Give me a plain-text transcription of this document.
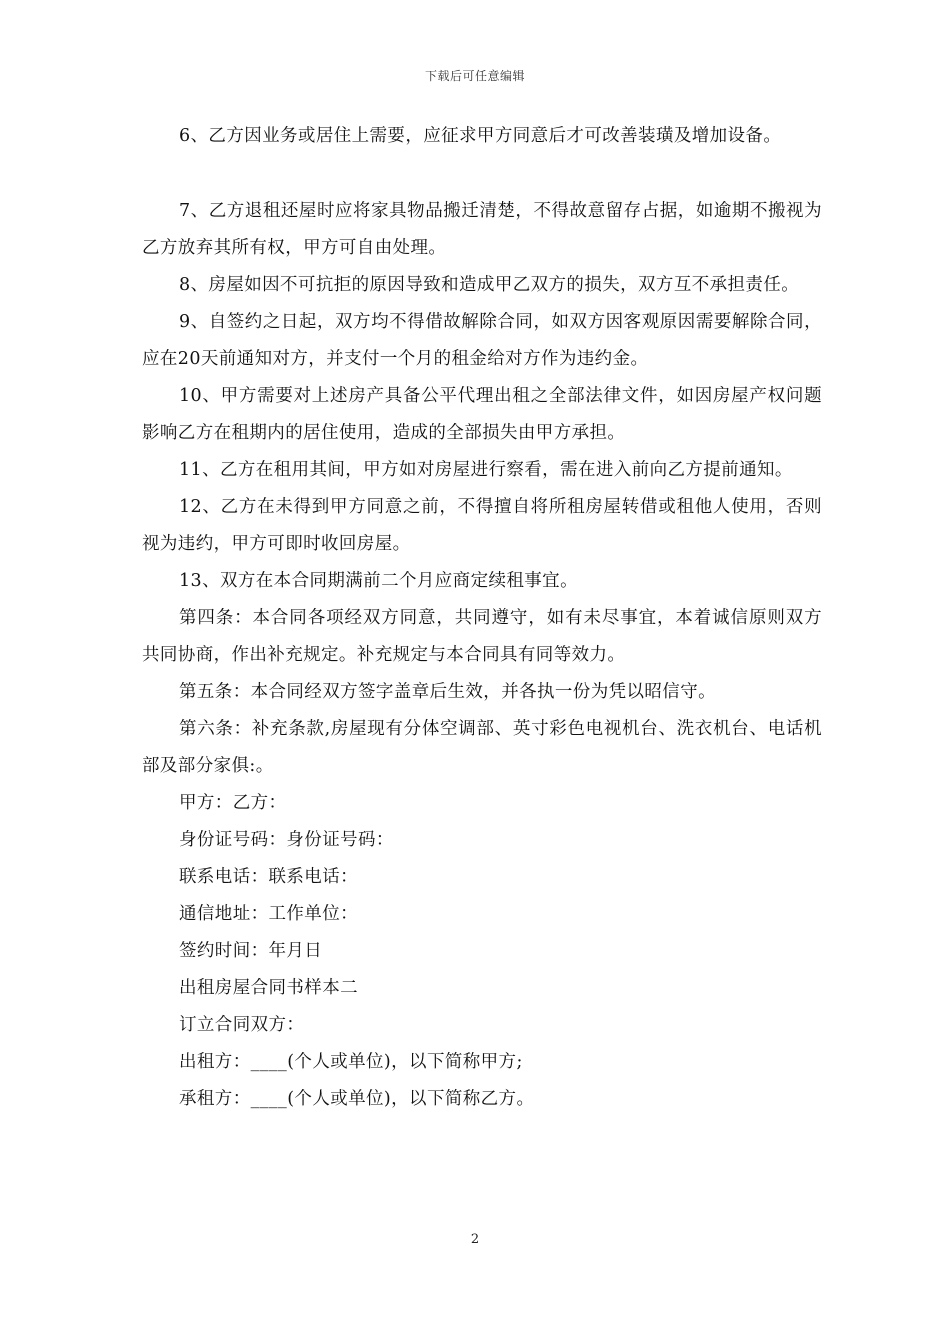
下载后可任意编辑

6、乙方因业务或居住上需要，应征求甲方同意后才可改善装璜及增加设备。

7、乙方退租还屋时应将家具物品搬迁清楚，不得故意留存占据，如逾期不搬视为乙方放弃其所有权，甲方可自由处理。

8、房屋如因不可抗拒的原因导致和造成甲乙双方的损失，双方互不承担责任。

9、自签约之日起，双方均不得借故解除合同，如双方因客观原因需要解除合同，应在20天前通知对方，并支付一个月的租金给对方作为违约金。

10、甲方需要对上述房产具备公平代理出租之全部法律文件，如因房屋产权问题影响乙方在租期内的居住使用，造成的全部损失由甲方承担。

11、乙方在租用其间，甲方如对房屋进行察看，需在进入前向乙方提前通知。

12、乙方在未得到甲方同意之前，不得擅自将所租房屋转借或租他人使用，否则视为违约，甲方可即时收回房屋。

13、双方在本合同期满前二个月应商定续租事宜。

第四条：本合同各项经双方同意，共同遵守，如有未尽事宜，本着诚信原则双方共同协商，作出补充规定。补充规定与本合同具有同等效力。

第五条：本合同经双方签字盖章后生效，并各执一份为凭以昭信守。

第六条：补充条款,房屋现有分体空调部、英寸彩色电视机台、洗衣机台、电话机部及部分家俱:。

甲方：乙方：

身份证号码：身份证号码：

联系电话：联系电话：

通信地址：工作单位：

签约时间：年月日

出租房屋合同书样本二

订立合同双方：

出租方：____(个人或单位)，以下简称甲方;

承租方：____(个人或单位)，以下简称乙方。

2
